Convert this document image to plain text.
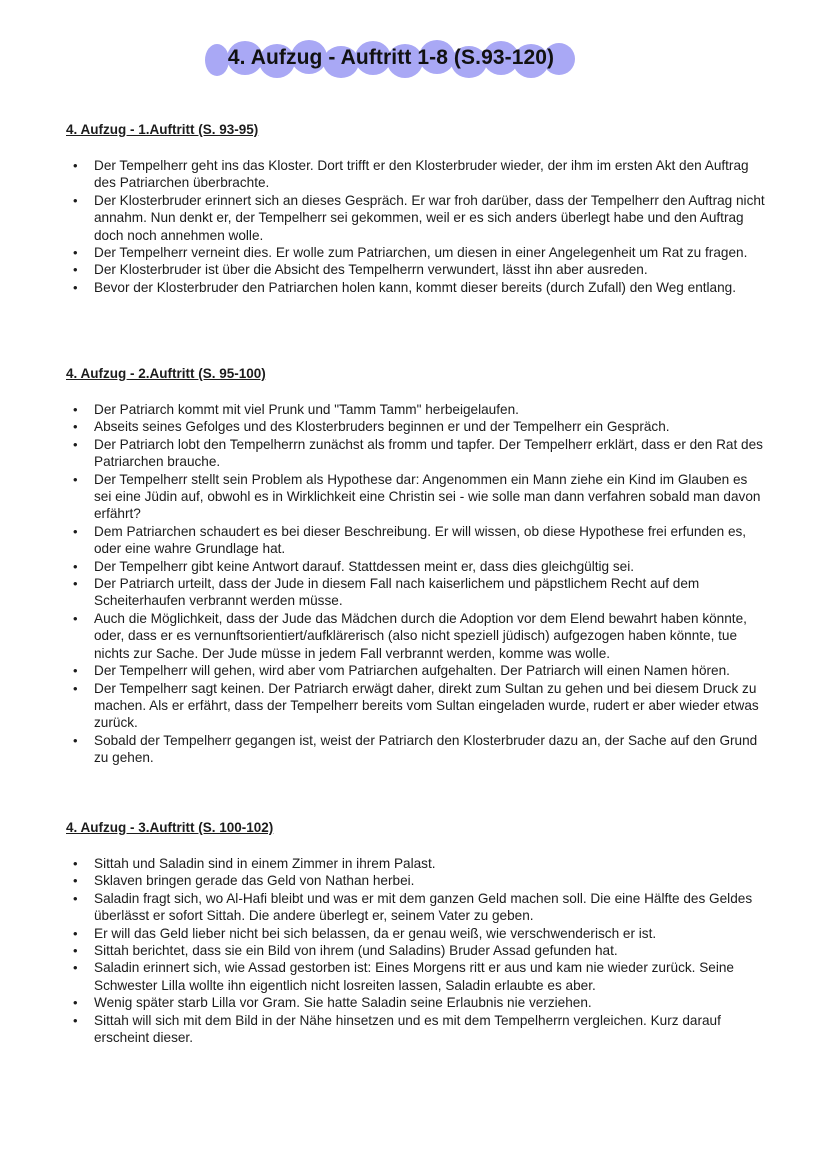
4. Aufzug - Auftritt 1-8 (S.93-120)
4. Aufzug - 1.Auftritt (S. 93-95)
• Der Tempelherr geht ins das Kloster. Dort trifft er den Klosterbruder wieder, der ihm im ersten Akt den Auftrag des Patriarchen überbrachte.
• Der Klosterbruder erinnert sich an dieses Gespräch. Er war froh darüber, dass der Tempelherr den Auftrag nicht annahm. Nun denkt er, der Tempelherr sei gekommen, weil er es sich anders überlegt habe und den Auftrag doch noch annehmen wolle.
• Der Tempelherr verneint dies. Er wolle zum Patriarchen, um diesen in einer Angelegenheit um Rat zu fragen.
• Der Klosterbruder ist über die Absicht des Tempelherrn verwundert, lässt ihn aber ausreden.
• Bevor der Klosterbruder den Patriarchen holen kann, kommt dieser bereits (durch Zufall) den Weg entlang.
4. Aufzug - 2.Auftritt (S. 95-100)
• Der Patriarch kommt mit viel Prunk und "Tamm Tamm" herbeigelaufen.
• Abseits seines Gefolges und des Klosterbruders beginnen er und der Tempelherr ein Gespräch.
• Der Patriarch lobt den Tempelherrn zunächst als fromm und tapfer. Der Tempelherr erklärt, dass er den Rat des Patriarchen brauche.
• Der Tempelherr stellt sein Problem als Hypothese dar: Angenommen ein Mann ziehe ein Kind im Glauben es sei eine Jüdin auf, obwohl es in Wirklichkeit eine Christin sei - wie solle man dann verfahren sobald man davon erfährt?
• Dem Patriarchen schaudert es bei dieser Beschreibung. Er will wissen, ob diese Hypothese frei erfunden es, oder eine wahre Grundlage hat.
• Der Tempelherr gibt keine Antwort darauf. Stattdessen meint er, dass dies gleichgültig sei.
• Der Patriarch urteilt, dass der Jude in diesem Fall nach kaiserlichem und päpstlichem Recht auf dem Scheiterhaufen verbrannt werden müsse.
• Auch die Möglichkeit, dass der Jude das Mädchen durch die Adoption vor dem Elend bewahrt haben könnte, oder, dass er es vernunftsorientiert/aufklärerisch (also nicht speziell jüdisch) aufgezogen haben könnte, tue nichts zur Sache. Der Jude müsse in jedem Fall verbrannt werden, komme was wolle.
• Der Tempelherr will gehen, wird aber vom Patriarchen aufgehalten. Der Patriarch will einen Namen hören.
• Der Tempelherr sagt keinen. Der Patriarch erwägt daher, direkt zum Sultan zu gehen und bei diesem Druck zu machen. Als er erfährt, dass der Tempelherr bereits vom Sultan eingeladen wurde, rudert er aber wieder etwas zurück.
• Sobald der Tempelherr gegangen ist, weist der Patriarch den Klosterbruder dazu an, der Sache auf den Grund zu gehen.
4. Aufzug - 3.Auftritt (S. 100-102)
• Sittah und Saladin sind in einem Zimmer in ihrem Palast.
• Sklaven bringen gerade das Geld von Nathan herbei.
• Saladin fragt sich, wo Al-Hafi bleibt und was er mit dem ganzen Geld machen soll. Die eine Hälfte des Geldes überlässt er sofort Sittah. Die andere überlegt er, seinem Vater zu geben.
• Er will das Geld lieber nicht bei sich belassen, da er genau weiß, wie verschwenderisch er ist.
• Sittah berichtet, dass sie ein Bild von ihrem (und Saladins) Bruder Assad gefunden hat.
• Saladin erinnert sich, wie Assad gestorben ist: Eines Morgens ritt er aus und kam nie wieder zurück. Seine Schwester Lilla wollte ihn eigentlich nicht losreiten lassen, Saladin erlaubte es aber.
• Wenig später starb Lilla vor Gram. Sie hatte Saladin seine Erlaubnis nie verziehen.
• Sittah will sich mit dem Bild in der Nähe hinsetzen und es mit dem Tempelherrn vergleichen. Kurz darauf erscheint dieser.
